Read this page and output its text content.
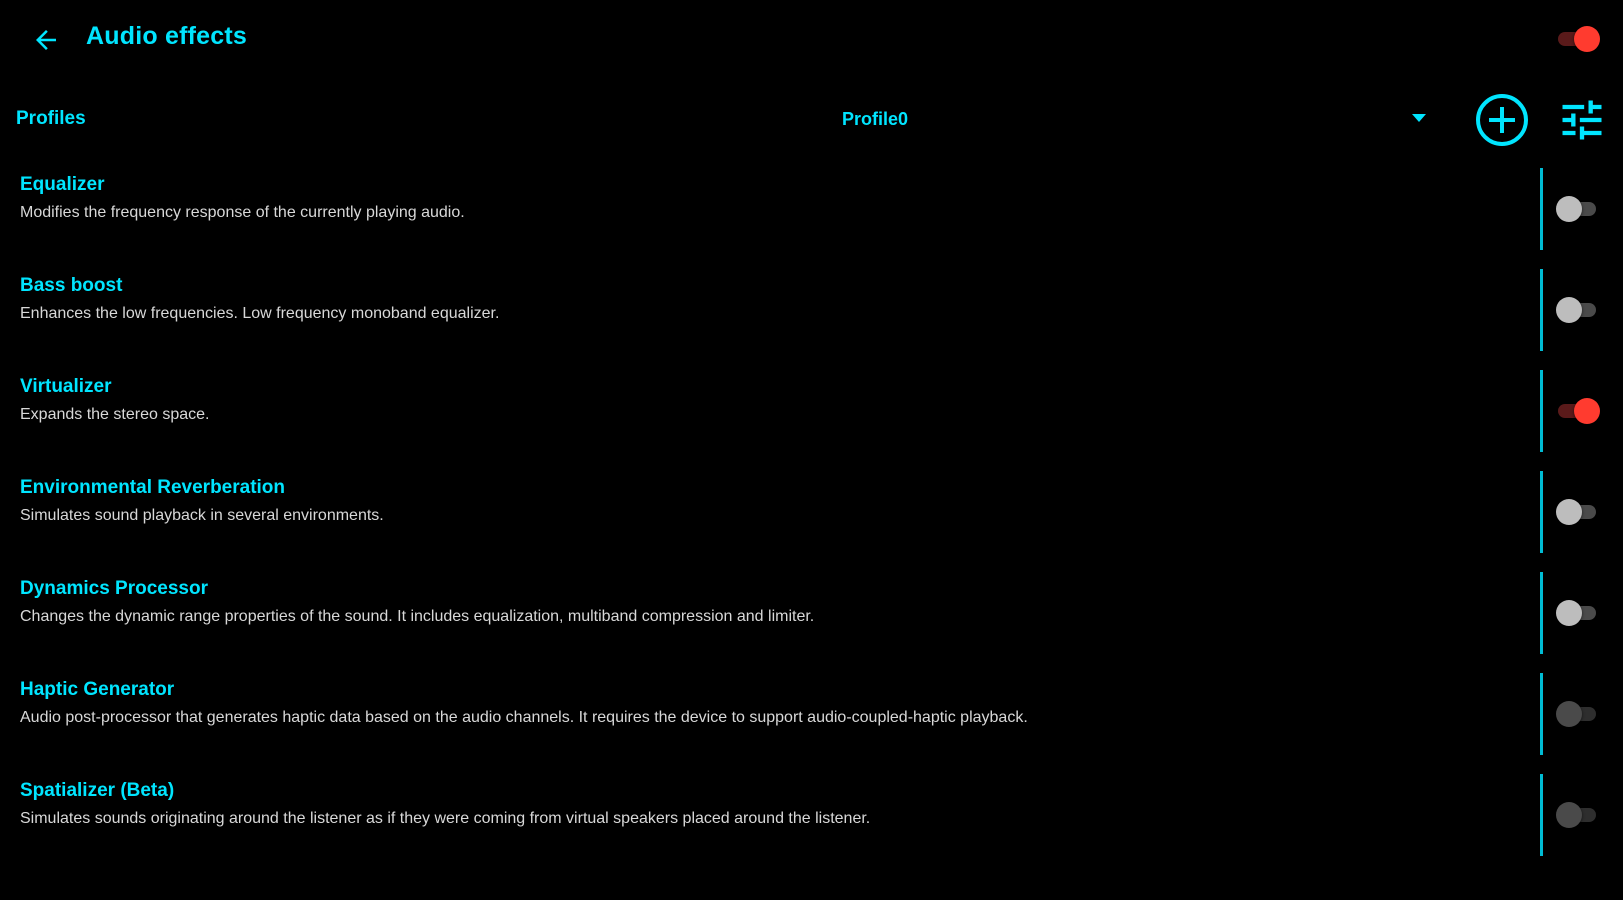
Audio effects
Profiles	Profile0
Equalizer
Modifies the frequency response of the currently playing audio.
Bass boost
Enhances the low frequencies. Low frequency monoband equalizer.
Virtualizer
Expands the stereo space.
Environmental Reverberation
Simulates sound playback in several environments.
Dynamics Processor
Changes the dynamic range properties of the sound. It includes equalization, multiband compression and limiter.
Haptic Generator
Audio post-processor that generates haptic data based on the audio channels. It requires the device to support audio-coupled-haptic playback.
Spatializer (Beta)
Simulates sounds originating around the listener as if they were coming from virtual speakers placed around the listener.
